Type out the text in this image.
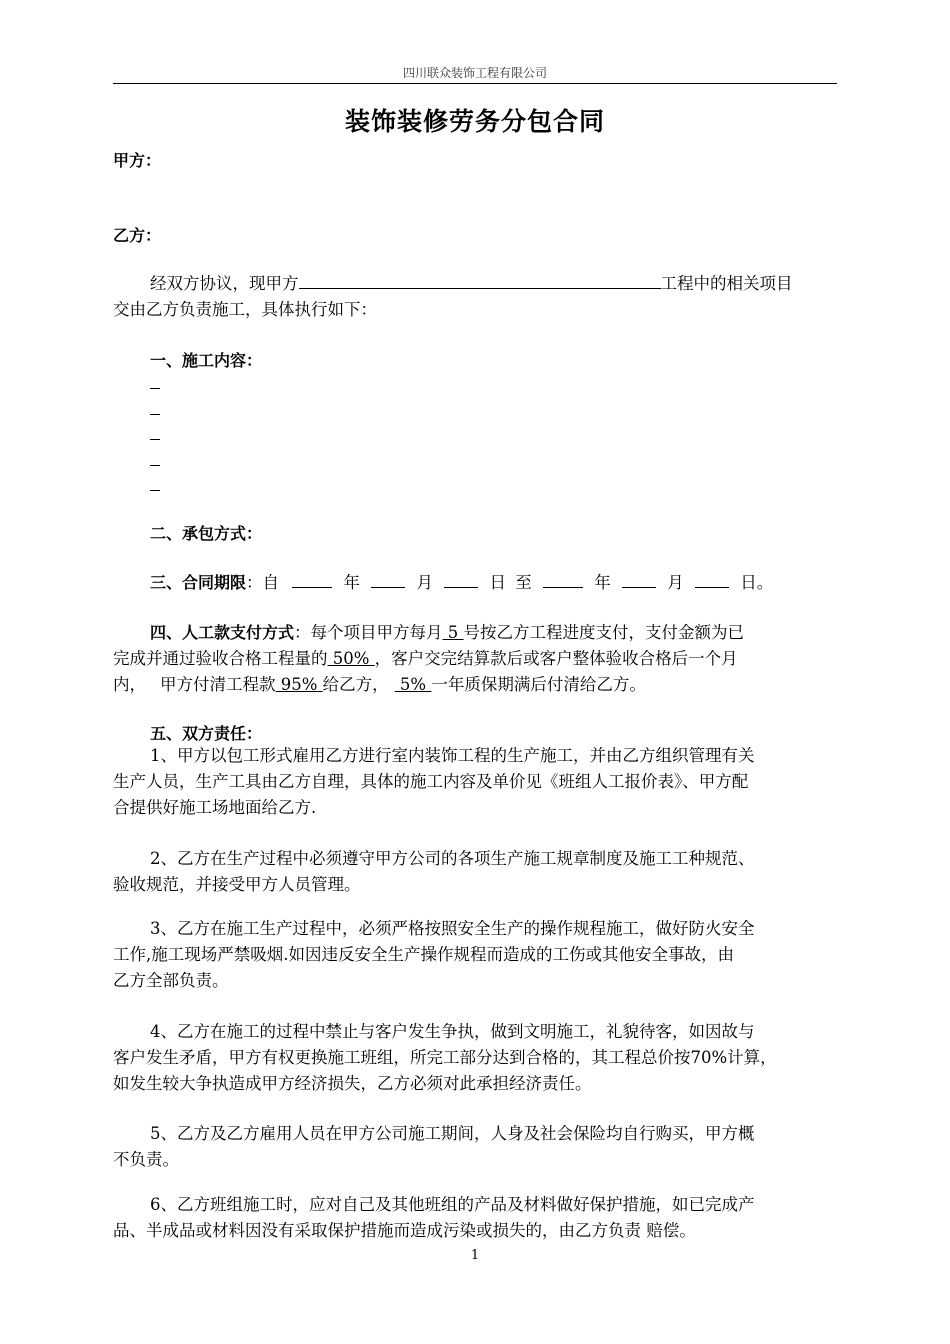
四川联众装饰工程有限公司
装饰装修劳务分包合同
甲方：
乙方：
经双方协议，现甲方	工程中的相关项目
交由乙方负责施工，具体执行如下：
一、施工内容：
二、承包方式：
三、合同期限：自	年	月	日 至	年	月	日。
四、人工款支付方式：每个项目甲方每月 5 号按乙方工程进度支付，支付金额为已
完成并通过验收合格工程量的 50% ，客户交完结算款后或客户整体验收合格后一个月
内， 甲方付清工程款 95% 给乙方， 5% 一年质保期满后付清给乙方。
五、双方责任：
1、甲方以包工形式雇用乙方进行室内装饰工程的生产施工，并由乙方组织管理有关
生产人员，生产工具由乙方自理，具体的施工内容及单价见《班组人工报价表》、甲方配
合提供好施工场地面给乙方.
2、乙方在生产过程中必须遵守甲方公司的各项生产施工规章制度及施工工种规范、
验收规范，并接受甲方人员管理。
3、乙方在施工生产过程中，必须严格按照安全生产的操作规程施工，做好防火安全
工作,施工现场严禁吸烟.如因违反安全生产操作规程而造成的工伤或其他安全事故，由
乙方全部负责。
4、乙方在施工的过程中禁止与客户发生争执，做到文明施工，礼貌待客，如因故与
客户发生矛盾，甲方有权更换施工班组，所完工部分达到合格的，其工程总价按70%计算，
如发生较大争执造成甲方经济损失，乙方必须对此承担经济责任。
5、乙方及乙方雇用人员在甲方公司施工期间，人身及社会保险均自行购买，甲方概
不负责。
6、乙方班组施工时，应对自己及其他班组的产品及材料做好保护措施，如已完成产
品、半成品或材料因没有采取保护措施而造成污染或损失的，由乙方负责 赔偿。
1
